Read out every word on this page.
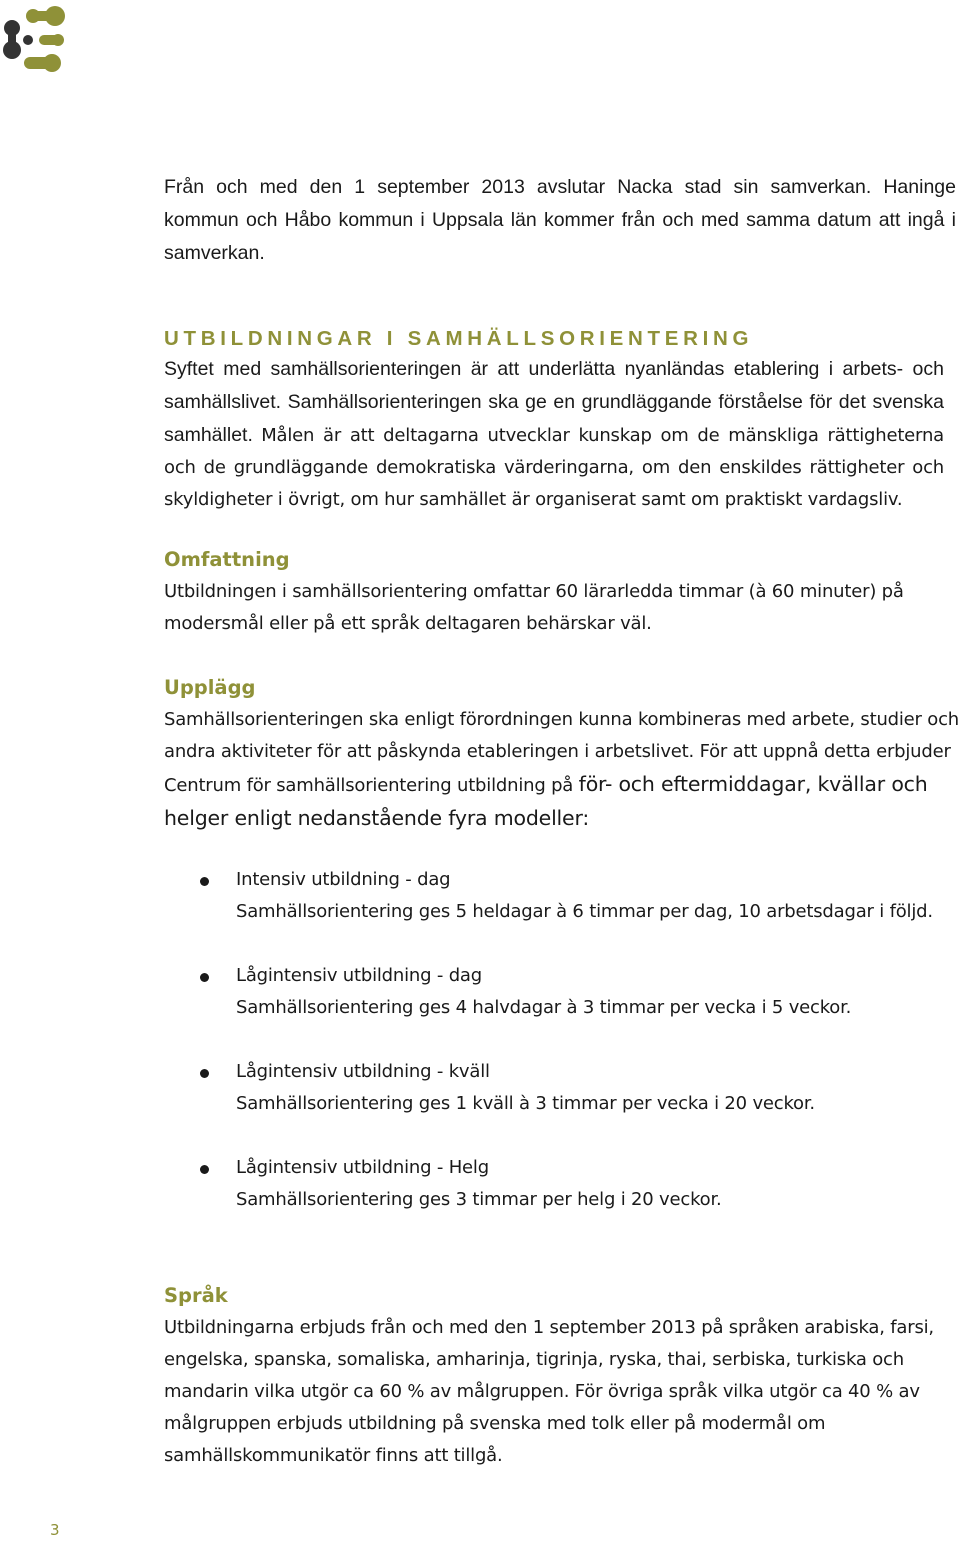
Från och med den 1 september 2013 avslutar Nacka stad sin samverkan. Haninge kommun och Håbo kommun i Uppsala län kommer från och med samma datum att ingå i samverkan.
UTBILDNINGAR I SAMHÄLLSORIENTERING
Syftet med samhällsorienteringen är att underlätta nyanländas etablering i arbets- och samhällslivet. Samhällsorienteringen ska ge en grundläggande förståelse för det svenska samhället. Målen är att deltagarna utvecklar kunskap om de mänskliga rättigheterna och de grundläggande demokratiska värderingarna, om den enskildes rättigheter och skyldigheter i övrigt, om hur samhället är organiserat samt om praktiskt vardagsliv.
Omfattning
Utbildningen i samhällsorientering omfattar 60 lärarledda timmar (à 60 minuter) på modersmål eller på ett språk deltagaren behärskar väl.
Upplägg
Samhällsorienteringen ska enligt förordningen kunna kombineras med arbete, studier och andra aktiviteter för att påskynda etableringen i arbetslivet. För att uppnå detta erbjuder Centrum för samhällsorientering utbildning på för- och eftermiddagar, kvällar och helger enligt nedanstående fyra modeller:
Intensiv utbildning - dag
Samhällsorientering ges 5 heldagar à 6 timmar per dag, 10 arbetsdagar i följd.
Lågintensiv utbildning - dag
Samhällsorientering ges 4 halvdagar à 3 timmar per vecka i 5 veckor.
Lågintensiv utbildning - kväll
Samhällsorientering ges 1 kväll à 3 timmar per vecka i 20 veckor.
Lågintensiv utbildning - Helg
Samhällsorientering ges 3 timmar per helg i 20 veckor.
Språk
Utbildningarna erbjuds från och med den 1 september 2013 på språken arabiska, farsi, engelska, spanska, somaliska, amharinja, tigrinja, ryska, thai, serbiska, turkiska och mandarin vilka utgör ca 60 % av målgruppen. För övriga språk vilka utgör ca 40 % av målgruppen erbjuds utbildning på svenska med tolk eller på modermål om samhällskommunikatör finns att tillgå.
3
